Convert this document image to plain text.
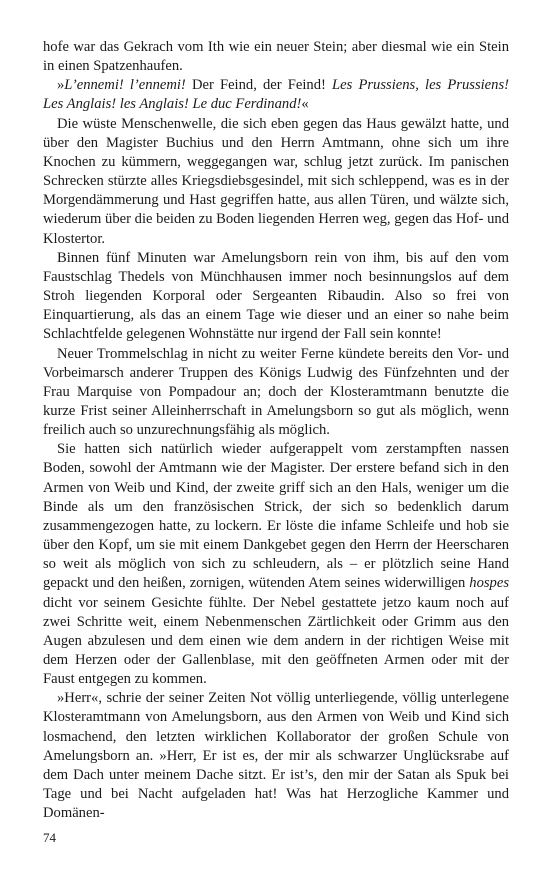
hofe war das Gekrach vom Ith wie ein neuer Stein; aber diesmal wie ein Stein in einen Spatzenhaufen.

»L’ennemi! l’ennemi! Der Feind, der Feind! Les Prussiens, les Prussiens! Les Anglais! les Anglais! Le duc Ferdinand!«

Die wüste Menschenwelle, die sich eben gegen das Haus gewälzt hatte, und über den Magister Buchius und den Herrn Amtmann, ohne sich um ihre Knochen zu kümmern, weggegangen war, schlug jetzt zurück. Im panischen Schrecken stürzte alles Kriegsdiebsgesindel, mit sich schleppend, was es in der Morgendämmerung und Hast gegriffen hatte, aus allen Türen, und wälzte sich, wiederum über die beiden zu Boden liegenden Herren weg, gegen das Hof- und Klostertor.

Binnen fünf Minuten war Amelungsborn rein von ihm, bis auf den vom Faustschlag Thedels von Münchhausen immer noch besinnungslos auf dem Stroh liegenden Korporal oder Sergeanten Ribaudin. Also so frei von Einquartierung, als das an einem Tage wie dieser und an einer so nahe beim Schlachtfelde gelegenen Wohnstätte nur irgend der Fall sein konnte!

Neuer Trommelschlag in nicht zu weiter Ferne kündete bereits den Vor- und Vorbeimarsch anderer Truppen des Königs Ludwig des Fünfzehnten und der Frau Marquise von Pompadour an; doch der Klosteramtmann benutzte die kurze Frist seiner Alleinherrschaft in Amelungsborn so gut als möglich, wenn freilich auch so unzurechnungsfähig als möglich.

Sie hatten sich natürlich wieder aufgerappelt vom zerstampften nassen Boden, sowohl der Amtmann wie der Magister. Der erstere befand sich in den Armen von Weib und Kind, der zweite griff sich an den Hals, weniger um die Binde als um den französischen Strick, der sich so bedenklich darum zusammengezogen hatte, zu lockern. Er löste die infame Schleife und hob sie über den Kopf, um sie mit einem Dankgebet gegen den Herrn der Heerscharen so weit als möglich von sich zu schleudern, als – er plötzlich seine Hand gepackt und den heißen, zornigen, wütenden Atem seines widerwilligen hospes dicht vor seinem Gesichte fühlte. Der Nebel gestattete jetzo kaum noch auf zwei Schritte weit, einem Nebenmenschen Zärtlichkeit oder Grimm aus den Augen abzulesen und dem einen wie dem andern in der richtigen Weise mit dem Herzen oder der Gallenblase, mit den geöffneten Armen oder mit der Faust entgegen zu kommen.

»Herr«, schrie der seiner Zeiten Not völlig unterliegende, völlig unterlegene Klosteramtmann von Amelungsborn, aus den Armen von Weib und Kind sich losmachend, den letzten wirklichen Kollaborator der großen Schule von Amelungsborn an. »Herr, Er ist es, der mir als schwarzer Unglücksrabe auf dem Dach unter meinem Dache sitzt. Er ist’s, den mir der Satan als Spuk bei Tage und bei Nacht aufgeladen hat! Was hat Herzogliche Kammer und Domänen-

74
